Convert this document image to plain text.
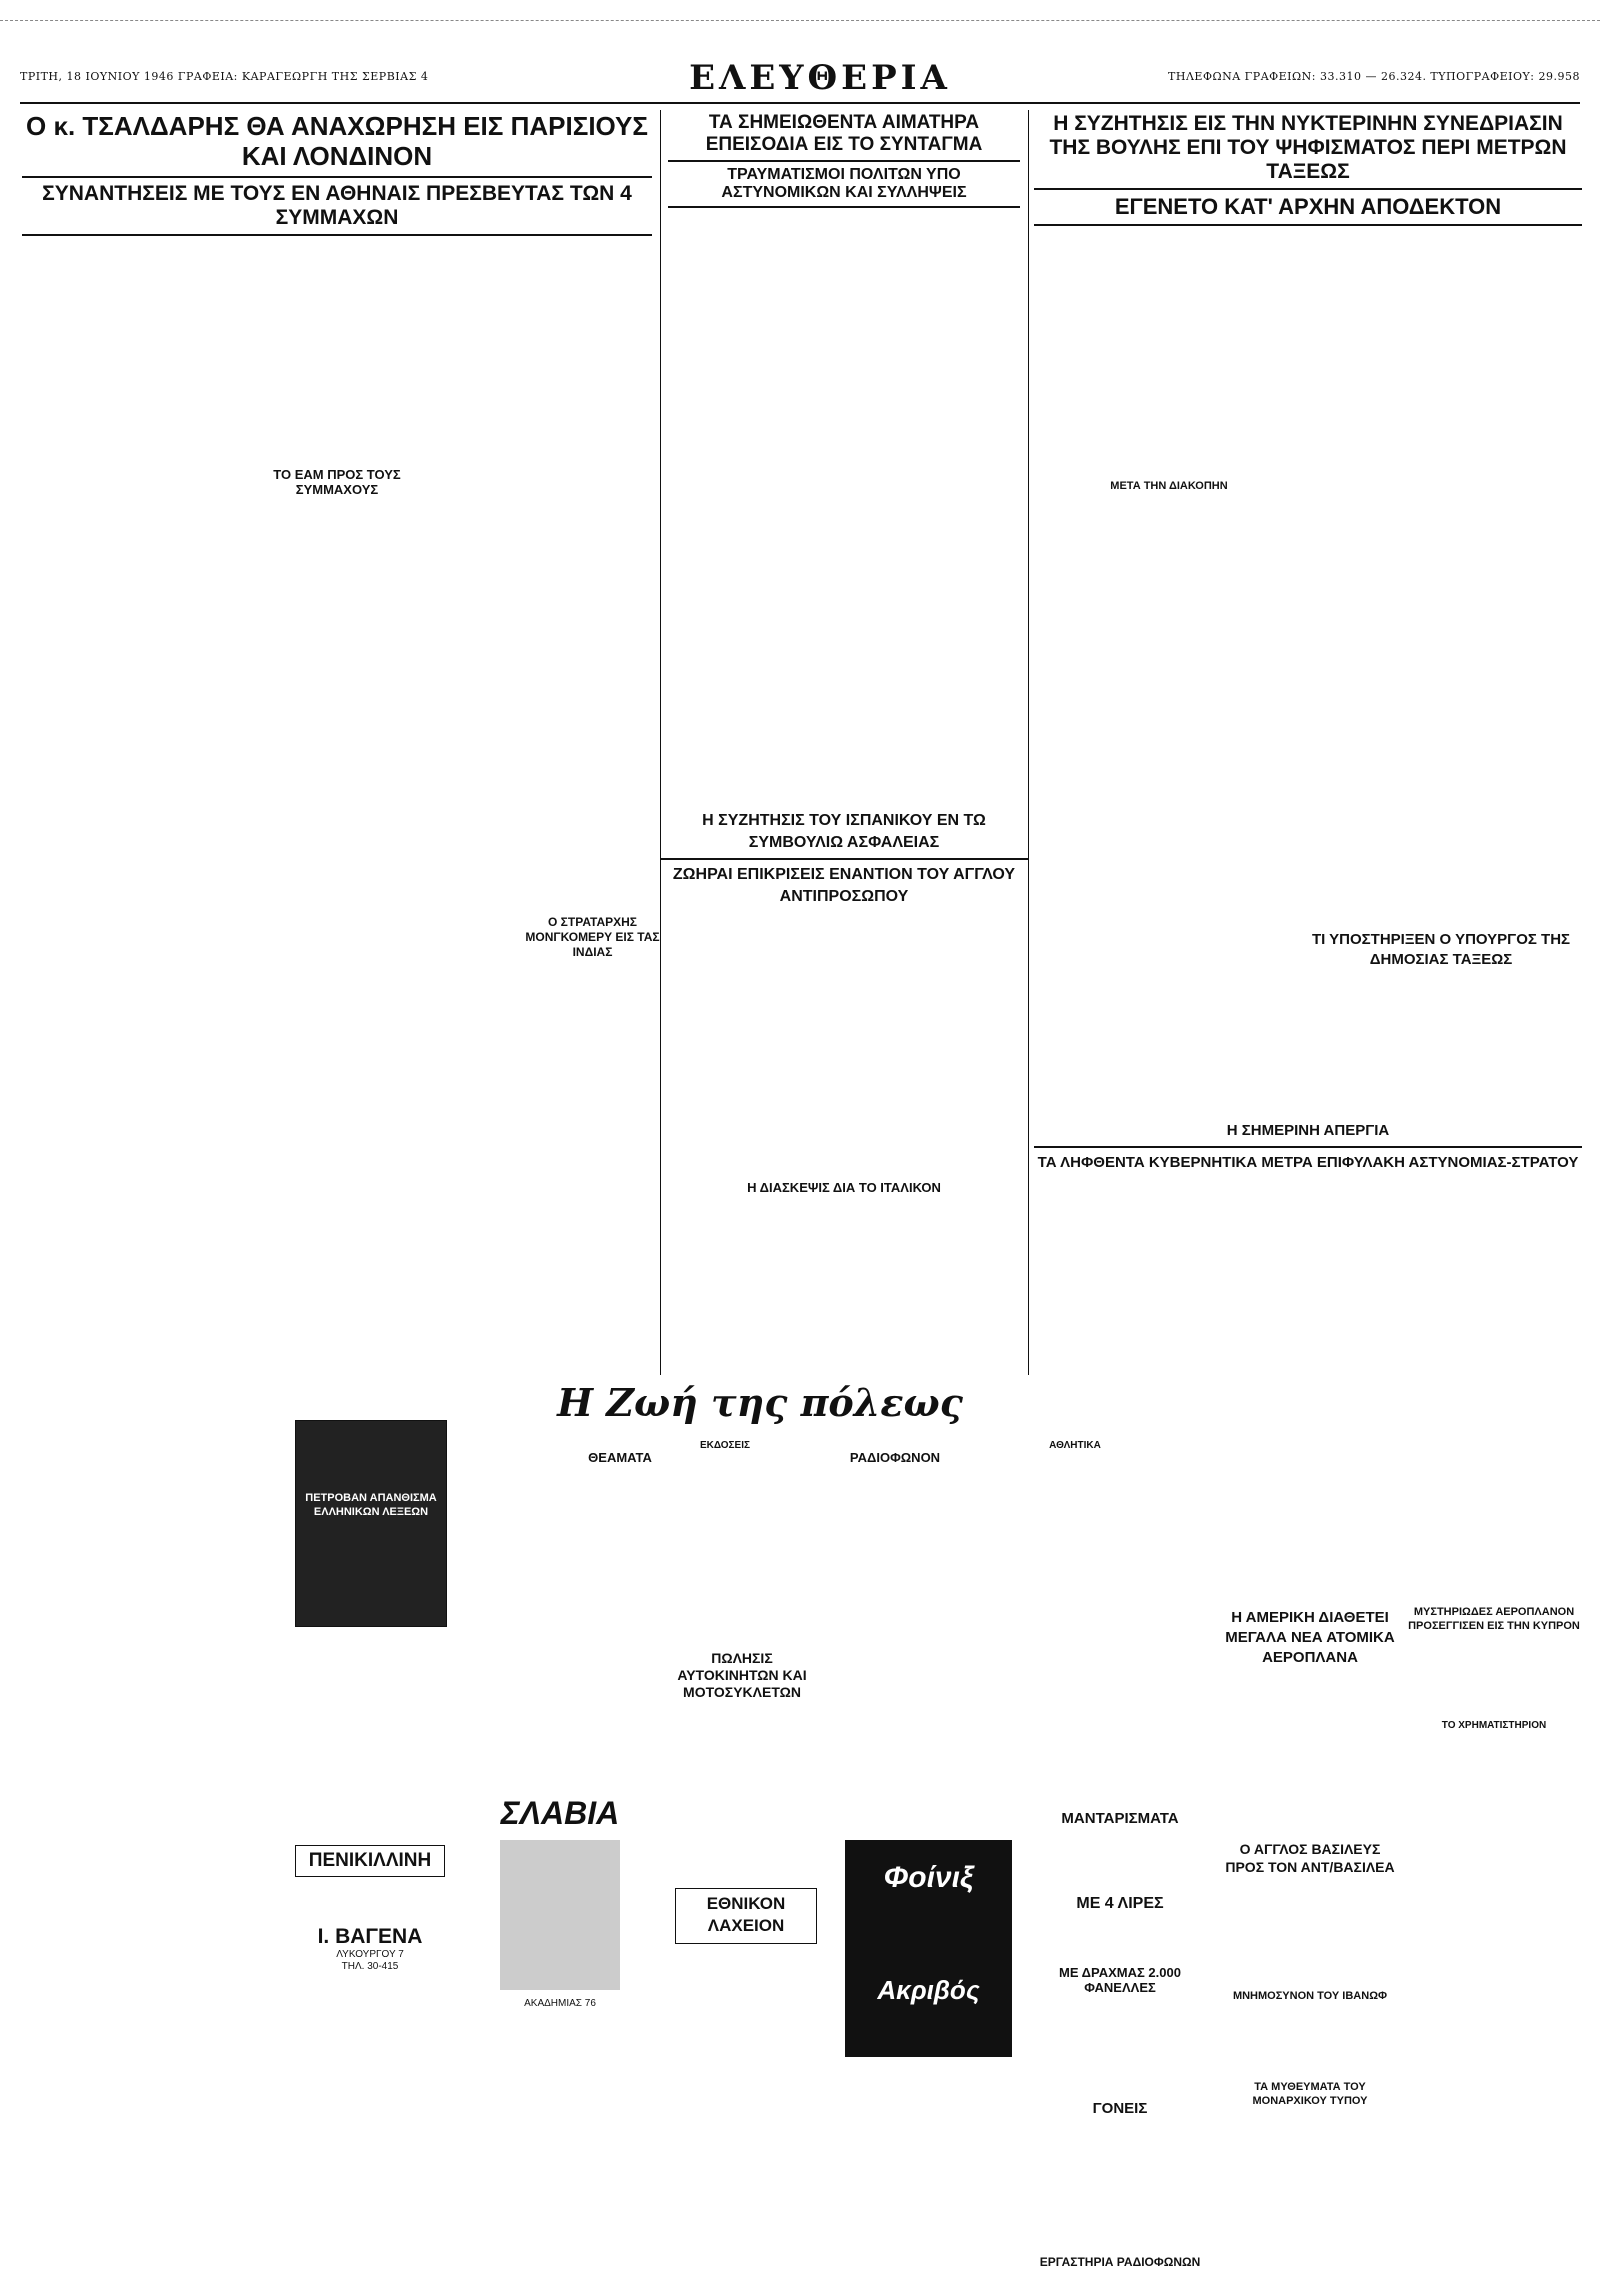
ΤΡΙΤΗ, 18 ΙΟΥΝΙΟΥ 1946 ΓΡΑΦΕΙΑ: ΚΑΡΑΓΕΩΡΓΗ ΤΗΣ ΣΕΡΒΙΑΣ 4	ΕΛΕΥΘΕΡΙΑ	ΤΗΛΕΦΩΝΑ ΓΡΑΦΕΙΩΝ: 33.310 — 26.324. ΤΥΠΟΓΡΑΦΕΙΟΥ: 29.958
Ο κ. ΤΣΑΛΔΑΡΗΣ ΘΑ ΑΝΑΧΩΡΗΣΗ ΕΙΣ ΠΑΡΙΣΙΟΥΣ ΚΑΙ ΛΟΝΔΙΝΟΝ
ΣΥΝΑΝΤΗΣΕΙΣ ΜΕ ΤΟΥΣ ΕΝ ΑΘΗΝΑΙΣ ΠΡΕΣΒΕΥΤΑΣ ΤΩΝ 4 ΣΥΜΜΑΧΩΝ
ΤΟ ΕΑΜ ΠΡΟΣ ΤΟΥΣ ΣΥΜΜΑΧΟΥΣ
ΤΑ ΣΗΜΕΙΩΘΕΝΤΑ ΑΙΜΑΤΗΡΑ ΕΠΕΙΣΟΔΙΑ ΕΙΣ ΤΟ ΣΥΝΤΑΓΜΑ
ΤΡΑΥΜΑΤΙΣΜΟΙ ΠΟΛΙΤΩΝ ΥΠΟ ΑΣΤΥΝΟΜΙΚΩΝ ΚΑΙ ΣΥΛΛΗΨΕΙΣ
Ο ΣΤΡΑΤΑΡΧΗΣ ΜΟΝΓΚΟΜΕΡΥ ΕΙΣ ΤΑΣ ΙΝΔΙΑΣ
Η ΣΥΖΗΤΗΣΙΣ ΤΟΥ ΙΣΠΑΝΙΚΟΥ ΕΝ ΤΩ ΣΥΜΒΟΥΛΙΩ ΑΣΦΑΛΕΙΑΣ
ΖΩΗΡΑΙ ΕΠΙΚΡΙΣΕΙΣ ΕΝΑΝΤΙΟΝ ΤΟΥ ΑΓΓΛΟΥ ΑΝΤΙΠΡΟΣΩΠΟΥ
Η ΔΙΑΣΚΕΨΙΣ ΔΙΑ ΤΟ ΙΤΑΛΙΚΟΝ
Η ΣΥΖΗΤΗΣΙΣ ΕΙΣ ΤΗΝ ΝΥΚΤΕΡΙΝΗΝ ΣΥΝΕΔΡΙΑΣΙΝ ΤΗΣ ΒΟΥΛΗΣ ΕΠΙ ΤΟΥ ΨΗΦΙΣΜΑΤΟΣ ΠΕΡΙ ΜΕΤΡΩΝ ΤΑΞΕΩΣ
ΕΓΕΝΕΤΟ ΚΑΤ' ΑΡΧΗΝ ΑΠΟΔΕΚΤΟΝ
ΜΕΤΑ ΤΗΝ ΔΙΑΚΟΠΗΝ
ΤΙ ΥΠΟΣΤΗΡΙΞΕΝ Ο ΥΠΟΥΡΓΟΣ ΤΗΣ ΔΗΜΟΣΙΑΣ ΤΑΞΕΩΣ
Η ΣΗΜΕΡΙΝΗ ΑΠΕΡΓΙΑ
ΤΑ ΛΗΦΘΕΝΤΑ ΚΥΒΕΡΝΗΤΙΚΑ ΜΕΤΡΑ ΕΠΙΦΥΛΑΚΗ ΑΣΤΥΝΟΜΙΑΣ-ΣΤΡΑΤΟΥ
Η Ζωή της πόλεως
ΘΕΑΜΑΤΑ
ΕΚΔΟΣΕΙΣ
ΡΑΔΙΟΦΩΝΟΝ
ΑΘΛΗΤΙΚΑ
ΠΕΤΡΟΒΑΝ ΑΠΑΝΘΙΣΜΑ ΕΛΛΗΝΙΚΩΝ ΛΕΞΕΩΝ
ΠΕΝΙΚΙΛΛΙΝΗ
Ι. ΒΑΓΕΝΑ
ΛΥΚΟΥΡΓΟΥ 7
ΤΗΛ. 30-415
ΣΛΑΒΙΑ
ΑΚΑΔΗΜΙΑΣ 76
ΠΩΛΗΣΙΣ ΑΥΤΟΚΙΝΗΤΩΝ ΚΑΙ ΜΟΤΟΣΥΚΛΕΤΩΝ
ΕΘΝΙΚΟΝ ΛΑΧΕΙΟΝ
Φοίνιξ
Ακριβός
ΜΑΝΤΑΡΙΣΜΑΤΑ
ΜΕ 4 ΛΙΡΕΣ
ΜΕ ΔΡΑΧΜΑΣ 2.000 ΦΑΝΕΛΛΕΣ
ΓΟΝΕΙΣ
ΕΡΓΑΣΤΗΡΙΑ ΡΑΔΙΟΦΩΝΩΝ
Η ΑΜΕΡΙΚΗ ΔΙΑΘΕΤΕΙ ΜΕΓΑΛΑ ΝΕΑ ΑΤΟΜΙΚΑ ΑΕΡΟΠΛΑΝΑ
ΜΥΣΤΗΡΙΩΔΕΣ ΑΕΡΟΠΛΑΝΟΝ ΠΡΟΣΕΓΓΙΣΕΝ ΕΙΣ ΤΗΝ ΚΥΠΡΟΝ
ΤΟ ΧΡΗΜΑΤΙΣΤΗΡΙΟΝ
Ο ΑΓΓΛΟΣ ΒΑΣΙΛΕΥΣ ΠΡΟΣ ΤΟΝ ΑΝΤ/ΒΑΣΙΛΕΑ
ΜΝΗΜΟΣΥΝΟΝ ΤΟΥ ΙΒΑΝΩΦ
ΤΑ ΜΥΘΕΥΜΑΤΑ ΤΟΥ ΜΟΝΑΡΧΙΚΟΥ ΤΥΠΟΥ
